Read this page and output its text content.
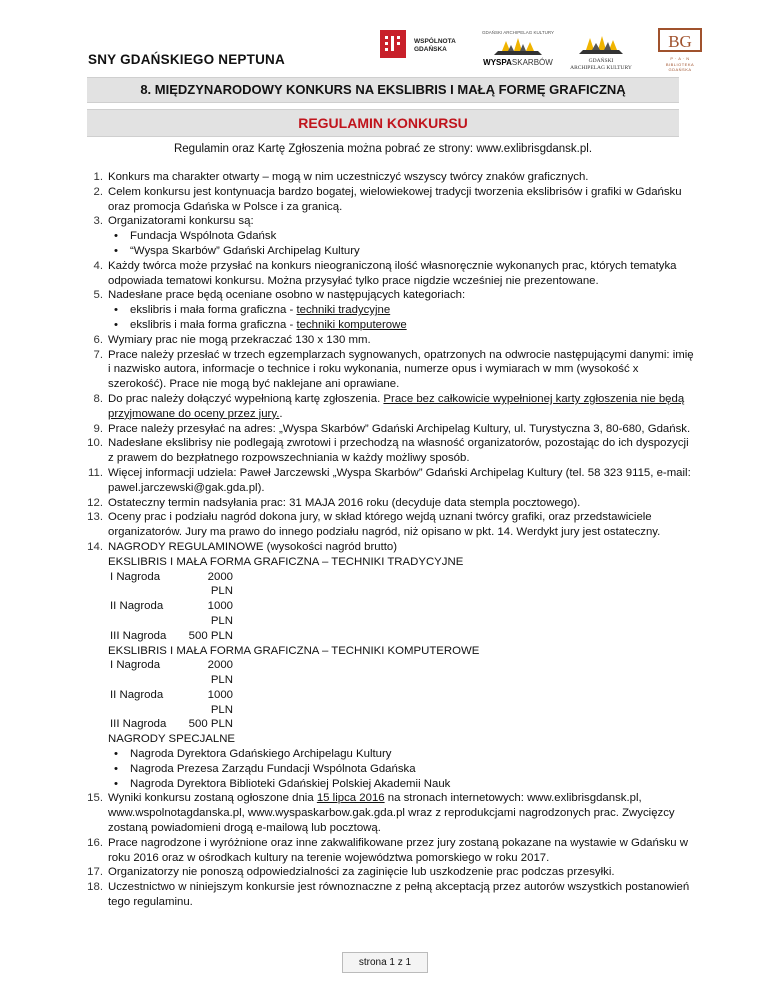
SNY GDAŃSKIEGO NEPTUNA
WSPÓLNOTA
GDAŃSKA
GDAŃSKI ARCHIPELAG KULTURY
WYSPASKARBÓW	GDAŃSKI
ARCHIPELAG KULTURY
BG
P · A · N
BIBLIOTEKA GDAŃSKA
8. MIĘDZYNARODOWY KONKURS NA EKSLIBRIS I MAŁĄ FORMĘ GRAFICZNĄ
REGULAMIN KONKURSU
Regulamin oraz Kartę Zgłoszenia można pobrać ze strony: www.exlibrisgdansk.pl.
1. Konkurs ma charakter otwarty – mogą w nim uczestniczyć wszyscy twórcy znaków graficznych.
2. Celem konkursu jest kontynuacja bardzo bogatej, wielowiekowej tradycji tworzenia ekslibrisów i grafiki w Gdańsku oraz promocja Gdańska w Polsce i za granicą.
3. Organizatorami konkursu są:
• Fundacja Wspólnota Gdańsk
• “Wyspa Skarbów” Gdański Archipelag Kultury
4. Każdy twórca może przysłać na konkurs nieograniczoną ilość własnoręcznie wykonanych prac, których tematyka odpowiada tematowi konkursu. Można przysyłać tylko prace nigdzie wcześniej nie prezentowane.
5. Nadesłane prace będą oceniane osobno w następujących kategoriach:
• ekslibris i mała forma graficzna - techniki tradycyjne
• ekslibris i mała forma graficzna - techniki komputerowe
6. Wymiary prac nie mogą przekraczać 130 x 130 mm.
7. Prace należy przesłać w trzech egzemplarzach sygnowanych, opatrzonych na odwrocie następującymi danymi: imię i nazwisko autora, informacje o technice i roku wykonania, numerze opus i wymiarach w mm (wysokość x szerokość). Prace nie mogą być naklejane ani oprawiane.
8. Do prac należy dołączyć wypełnioną kartę zgłoszenia. Prace bez całkowicie wypełnionej karty zgłoszenia nie będą przyjmowane do oceny przez jury..
9. Prace należy przesyłać na adres: „Wyspa Skarbów” Gdański Archipelag Kultury, ul. Turystyczna 3, 80-680, Gdańsk.
10. Nadesłane ekslibrisy nie podlegają zwrotowi i przechodzą na własność organizatorów, pozostając do ich dyspozycji z prawem do bezpłatnego rozpowszechniania w każdy możliwy sposób.
11. Więcej informacji udziela: Paweł Jarczewski „Wyspa Skarbów” Gdański Archipelag Kultury (tel. 58 323 9115, e-mail: pawel.jarczewski@gak.gda.pl).
12. Ostateczny termin nadsyłania prac: 31 MAJA 2016 roku (decyduje data stempla pocztowego).
13. Oceny prac i podziału nagród dokona jury, w skład którego wejdą uznani twórcy grafiki, oraz przedstawiciele organizatorów. Jury ma prawo do innego podziału nagród, niż opisano w pkt. 14. Werdykt jury jest ostateczny.
14. NAGRODY REGULAMINOWE (wysokości nagród brutto)
EKSLIBRIS I MAŁA FORMA GRAFICZNA – TECHNIKI TRADYCYJNE
I Nagroda	2000 PLN
II Nagroda	1000 PLN
III Nagroda	500 PLN
EKSLIBRIS I MAŁA FORMA GRAFICZNA – TECHNIKI KOMPUTEROWE
I Nagroda	2000 PLN
II Nagroda	1000 PLN
III Nagroda	500 PLN
NAGRODY SPECJALNE
• Nagroda Dyrektora Gdańskiego Archipelagu Kultury
• Nagroda Prezesa Zarządu Fundacji Wspólnota Gdańska
• Nagroda Dyrektora Biblioteki Gdańskiej Polskiej Akademii Nauk
15. Wyniki konkursu zostaną ogłoszone dnia 15 lipca 2016 na stronach internetowych: www.exlibrisgdansk.pl, www.wspolnotagdanska.pl, www.wyspaskarbow.gak.gda.pl wraz z reprodukcjami nagrodzonych prac. Zwycięzcy zostaną powiadomieni drogą e-mailową lub pocztową.
16. Prace nagrodzone i wyróżnione oraz inne zakwalifikowane przez jury zostaną pokazane na wystawie w Gdańsku w roku 2016 oraz w ośrodkach kultury na terenie województwa pomorskiego w roku 2017.
17. Organizatorzy nie ponoszą odpowiedzialności za zaginięcie lub uszkodzenie prac podczas przesyłki.
18. Uczestnictwo w niniejszym konkursie jest równoznaczne z pełną akceptacją przez autorów wszystkich postanowień tego regulaminu.
strona 1 z 1
